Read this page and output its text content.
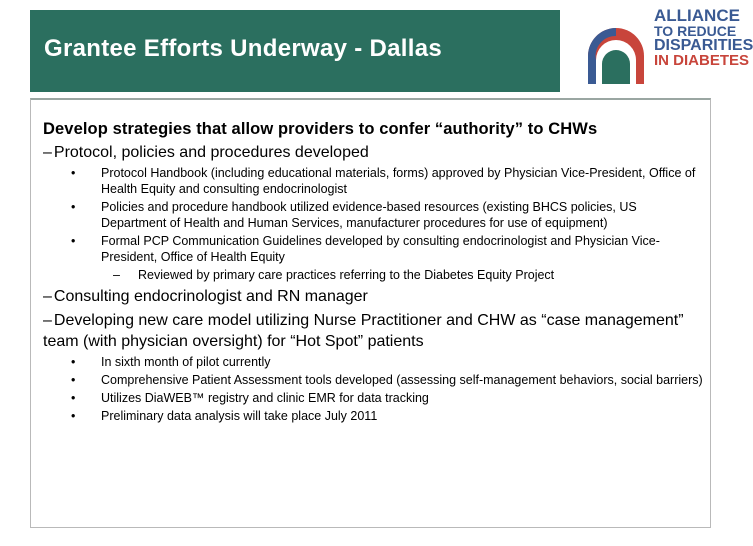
Grantee Efforts Underway - Dallas
ALLIANCE
TO REDUCE
DISPARITIES
IN DIABETES
Develop strategies that allow providers to confer “authority” to CHWs
– Protocol, policies and procedures developed
• Protocol Handbook (including educational materials, forms) approved by Physician Vice-President, Office of Health Equity and consulting endocrinologist
• Policies and procedure handbook utilized evidence-based resources (existing BHCS policies, US Department of Health and Human Services, manufacturer procedures for use of equipment)
• Formal PCP Communication Guidelines developed by consulting endocrinologist and Physician Vice-President, Office of Health Equity
– Reviewed by primary care practices referring to the Diabetes Equity Project
– Consulting endocrinologist and RN manager
– Developing new care model utilizing Nurse Practitioner and CHW as “case management” team (with physician oversight) for “Hot Spot” patients
• In sixth month of pilot currently
• Comprehensive Patient Assessment tools developed (assessing self-management behaviors, social barriers)
• Utilizes DiaWEB™ registry and clinic EMR for data tracking
• Preliminary data analysis will take place July 2011
